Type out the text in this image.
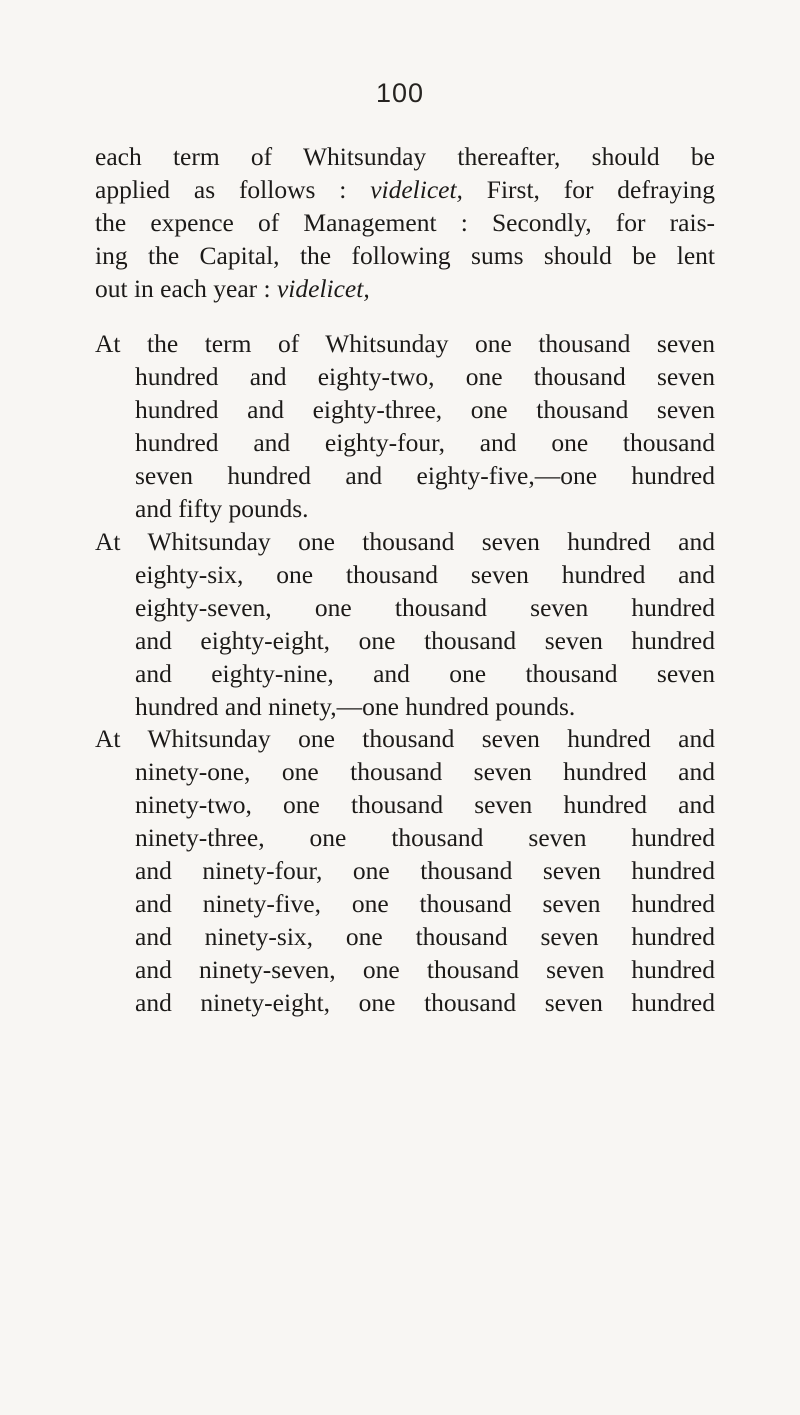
100
each term of Whitsunday thereafter, should be
applied as follows : videlicet, First, for defraying
the expence of Management : Secondly, for rais-
ing the Capital, the following sums should be lent
out in each year : videlicet,
At the term of Whitsunday one thousand seven
hundred and eighty-two, one thousand seven
hundred and eighty-three, one thousand seven
hundred and eighty-four, and one thousand
seven hundred and eighty-five,—one hundred
and fifty pounds.
At Whitsunday one thousand seven hundred and
eighty-six, one thousand seven hundred and
eighty-seven, one thousand seven hundred
and eighty-eight, one thousand seven hundred
and eighty-nine, and one thousand seven
hundred and ninety,—one hundred pounds.
At Whitsunday one thousand seven hundred and
ninety-one, one thousand seven hundred and
ninety-two, one thousand seven hundred and
ninety-three, one thousand seven hundred
and ninety-four, one thousand seven hundred
and ninety-five, one thousand seven hundred
and ninety-six, one thousand seven hundred
and ninety-seven, one thousand seven hundred
and ninety-eight, one thousand seven hundred
